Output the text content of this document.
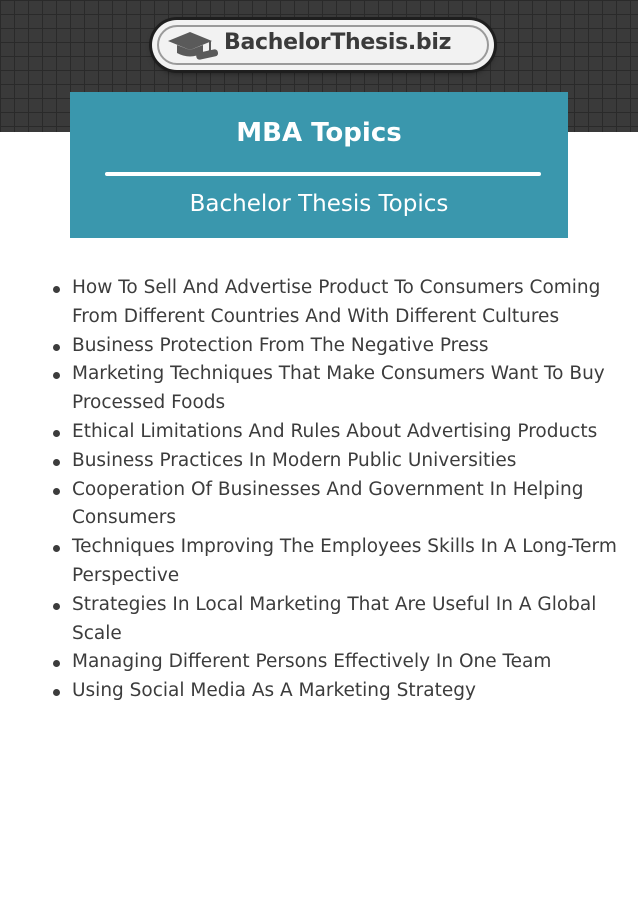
BachelorThesis.biz
MBA Topics
Bachelor Thesis Topics
How To Sell And Advertise Product To Consumers Coming From Different Countries And With Different Cultures
Business Protection From The Negative Press
Marketing Techniques That Make Consumers Want To Buy Processed Foods
Ethical Limitations And Rules About Advertising Products
Business Practices In Modern Public Universities
Cooperation Of Businesses And Government In Helping Consumers
Techniques Improving The Employees Skills In A Long-Term Perspective
Strategies In Local Marketing That Are Useful In A Global Scale
Managing Different Persons Effectively In One Team
Using Social Media As A Marketing Strategy
